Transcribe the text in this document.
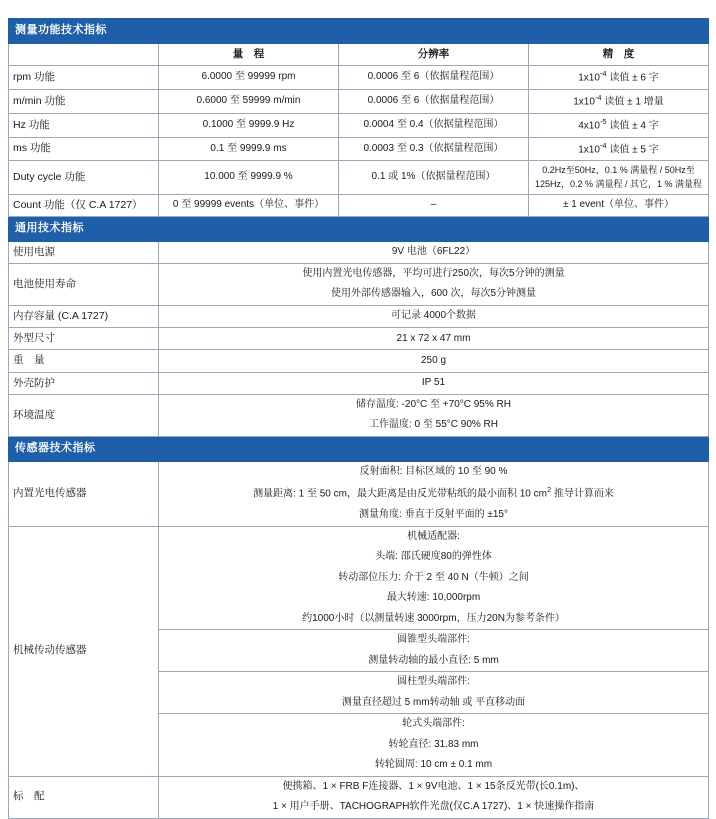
测量功能技术指标			
	量　程	分辨率	精　度
rpm 功能	6.0000 至 99999 rpm	0.0006 至 6（依据量程范围）	$1x10^{-4}$ 读值 ± 6 字
m/min 功能	0.6000 至 59999 m/min	0.0006 至 6（依据量程范围）	$1x10^{-4}$ 读值 ± 1 增量
Hz 功能	0.1000 至 9999.9 Hz	0.0004 至 0.4（依据量程范围）	$4x10^{-5}$ 读值 ± 4 字
ms 功能	0.1 至 9999.9 ms	0.0003 至 0.3（依据量程范围）	$1x10^{-4}$ 读值 ± 5 字
Duty cycle 功能	10.000 至 9999.9 %	0.1 或 1%（依据量程范围）	0.2Hz至50Hz，0.1 % 满量程 / 50Hz至
125Hz，0.2 % 满量程 / 其它，1 % 满量程

Count 功能（仅 C.A 1727）	0 至 99999 events（单位、事件）	–	± 1 event（单位、事件）
通用技术指标			
使用电源	9V 电池（6FL22）		
电池使用寿命	使用内置光电传感器，平均可进行250次，每次5分钟的测量		
	使用外部传感器输入，600 次，每次5分钟测量		
内存容量 (C.A 1727)	可记录 4000个数据		
外型尺寸	21 x 72 x 47 mm		
重　量	250 g		
外壳防护	IP 51		
环境温度	储存温度: -20°C 至 +70°C 95% RH		
	工作温度: 0 至 55°C 90% RH		
传感器技术指标			
内置光电传感器	反射面积: 目标区域的 10 至 90 %		
	测量距离: 1 至 50 cm，最大距离是由反光带粘纸的最小面积 10 $cm^2$ 推导计算而来		
	测量角度: 垂直于反射平面的 ±15°		
机械传动传感器	机械适配器:		
	头端: 邵氏硬度80的弹性体		
	转动部位压力: 介于 2 至 40 N（牛顿）之间		
	最大转速: 10,000rpm		
	约1000小时（以测量转速 3000rpm，压力20N为参考条件）		
	圆锥型头端部件:		
	测量转动轴的最小直径: 5 mm		
	圆柱型头端部件:		
	测量直径超过 5 mm转动轴 或 平直移动面		
	轮式头端部件:		
	转轮直径: 31.83 mm		
	转轮圆周: 10 cm ± 0.1 mm		
标　配	便携箱、1 × FRB F连接器、1 × 9V电池、1 × 15条反光带(长0.1m)、		
	1 × 用户手册、TACHOGRAPH软件光盘(仅C.A 1727)、1 × 快速操作指南		
